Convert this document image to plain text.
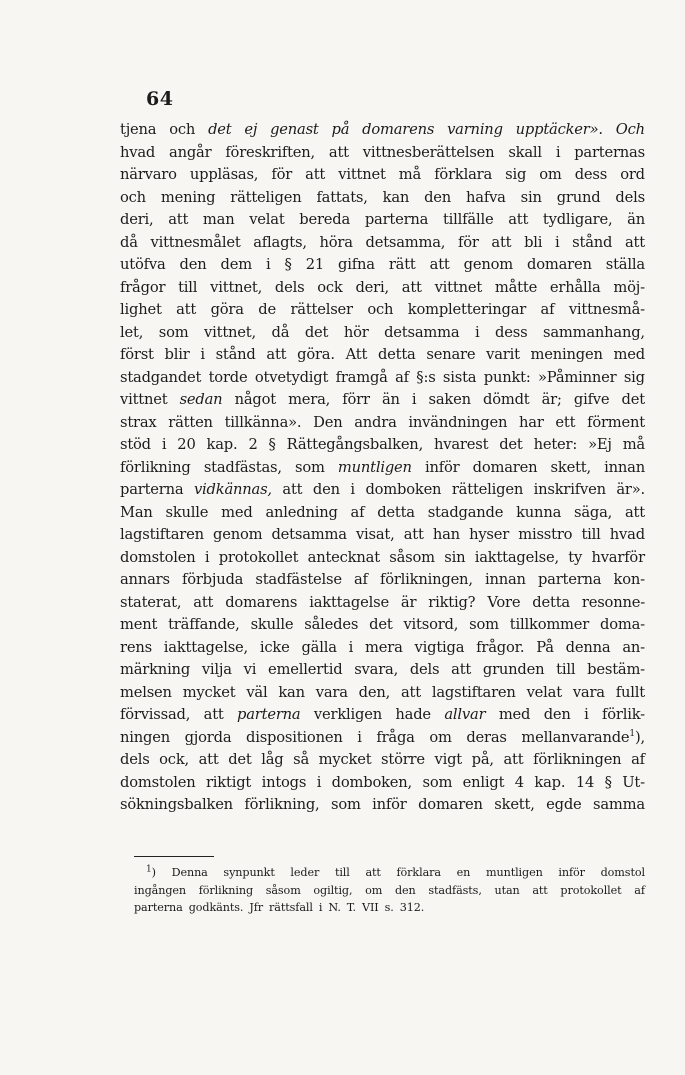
64
tjena och det ej genast på domarens varning upptäcker». Och
hvad angår föreskriften, att vittnesberättelsen skall i parternas
närvaro uppläsas, för att vittnet må förklara sig om dess ord
och mening rätteligen fattats, kan den hafva sin grund dels
deri, att man velat bereda parterna tillfälle att tydligare, än
då vittnesmålet aflagts, höra detsamma, för att bli i stånd att
utöfva den dem i § 21 gifna rätt att genom domaren ställa
frågor till vittnet, dels ock deri, att vittnet måtte erhålla möj-
lighet att göra de rättelser och kompletteringar af vittnesmå-
let, som vittnet, då det hör detsamma i dess sammanhang,
först blir i stånd att göra. Att detta senare varit meningen med
stadgandet torde otvetydigt framgå af §:s sista punkt: »Påminner sig
vittnet sedan något mera, förr än i saken dömdt är; gifve det
strax rätten tillkänna». Den andra invändningen har ett förment
stöd i 20 kap. 2 § Rättegångsbalken, hvarest det heter: »Ej må
förlikning stadfästas, som muntligen inför domaren skett, innan
parterna vidkännas, att den i domboken rätteligen inskrifven är».
Man skulle med anledning af detta stadgande kunna säga, att
lagstiftaren genom detsamma visat, att han hyser misstro till hvad
domstolen i protokollet antecknat såsom sin iakttagelse, ty hvarför
annars förbjuda stadfästelse af förlikningen, innan parterna kon-
staterat, att domarens iakttagelse är riktig? Vore detta resonne-
ment träffande, skulle således det vitsord, som tillkommer doma-
rens iakttagelse, icke gälla i mera vigtiga frågor. På denna an-
märkning vilja vi emellertid svara, dels att grunden till bestäm-
melsen mycket väl kan vara den, att lagstiftaren velat vara fullt
förvissad, att parterna verkligen hade allvar med den i förlik-
ningen gjorda dispositionen i fråga om deras mellanvarande$^1$),
dels ock, att det låg så mycket större vigt på, att förlikningen af
domstolen riktigt intogs i domboken, som enligt 4 kap. 14 § Ut-
sökningsbalken förlikning, som inför domaren skett, egde samma
$^1$) Denna synpunkt leder till att förklara en muntligen inför domstol
ingången förlikning såsom ogiltig, om den stadfästs, utan att protokollet af
parterna godkänts. Jfr rättsfall i N. T. VII s. 312.
